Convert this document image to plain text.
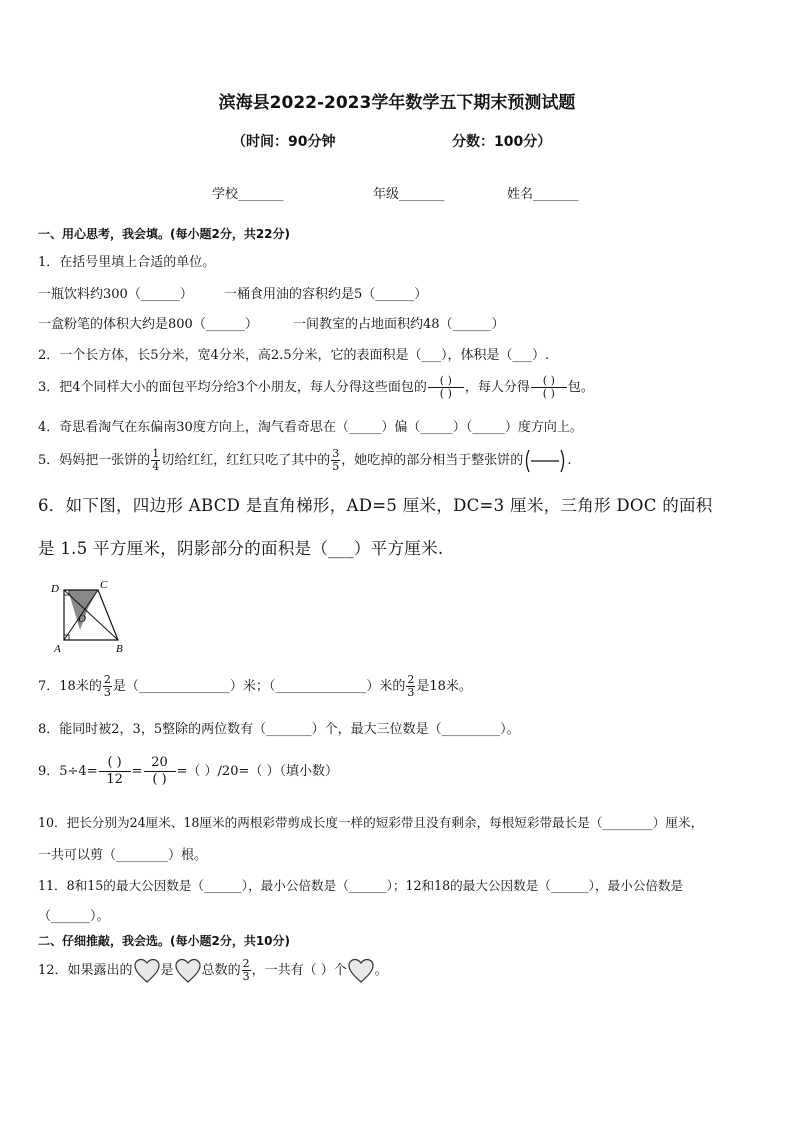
滨海县2022-2023学年数学五下期末预测试题
（时间：90分钟	分数：100分）
学校_______	年级_______	姓名_______
一、用心思考，我会填。(每小题2分，共22分)
1．在括号里填上合适的单位。
一瓶饮料约300（______） 一桶食用油的容积约是5（______）
一盒粉笔的体积大约是800（______）	一间教室的占地面积约48（______）
2．一个长方体，长5分米，宽4分米，高2.5分米，它的表面积是（___），体积是（___）.
3．把4个同样大小的面包平均分给3个小朋友，每人分得这些面包的	( )
( ) ，每人分得	( )
( ) 包。
4．奇思看淘气在东偏南30度方向上，淘气看奇思在（_____）偏（_____）（_____）度方向上。
5．妈妈把一张饼的 $\frac{1}{4}$ 切给红红，红红只吃了其中的 $\frac{3}{5}$ ，她吃掉的部分相当于整张饼的	.
6．如下图，四边形 ABCD 是直角梯形，AD=5 厘米，DC=3 厘米，三角形 DOC 的面积
是 1.5 平方厘米，阴影部分的面积是（___）平方厘米.
D	C
O
A	B
7．18米的 $\frac{2}{3}$ 是（______________）米；（______________）米的 $\frac{2}{3}$ 是18米。
8．能同时被2，3，5整除的两位数有（_______）个，最大三位数是（_________）。
9．5÷4=
( )
12
=
20
( )
=（ ）/20=（ ）（填小数）
10．把长分别为24厘米、18厘米的两根彩带剪成长度一样的短彩带且没有剩余，每根短彩带最长是（________）厘米，
一共可以剪（________）根。
11．8和15的最大公因数是（______），最小公倍数是（______）；12和18的最大公因数是（______），最小公倍数是
（______）。
二、仔细推敲，我会选。(每小题2分，共10分)
12．如果露出的 是 总数的 $\frac{2}{3}$ ，一共有（ ）个 。
